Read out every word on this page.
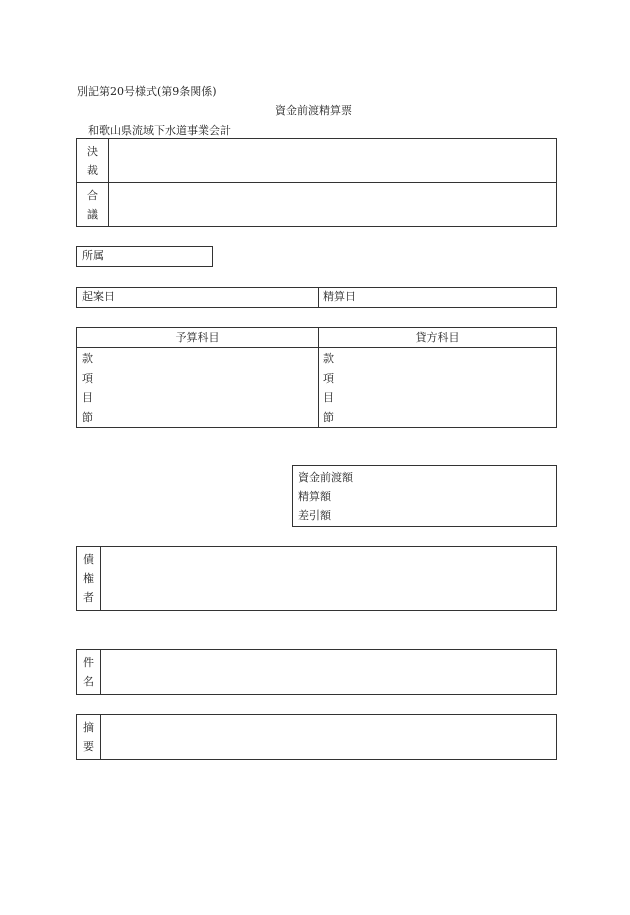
別記第20号様式(第9条関係)
資金前渡精算票
和歌山県流域下水道事業会計
決
裁
合
議
所属
起案日	精算日
予算科目	貸方科目
款
項
目
節
款
項
目
節
資金前渡額
精算額
差引額
債
権
者
件
名
摘
要
